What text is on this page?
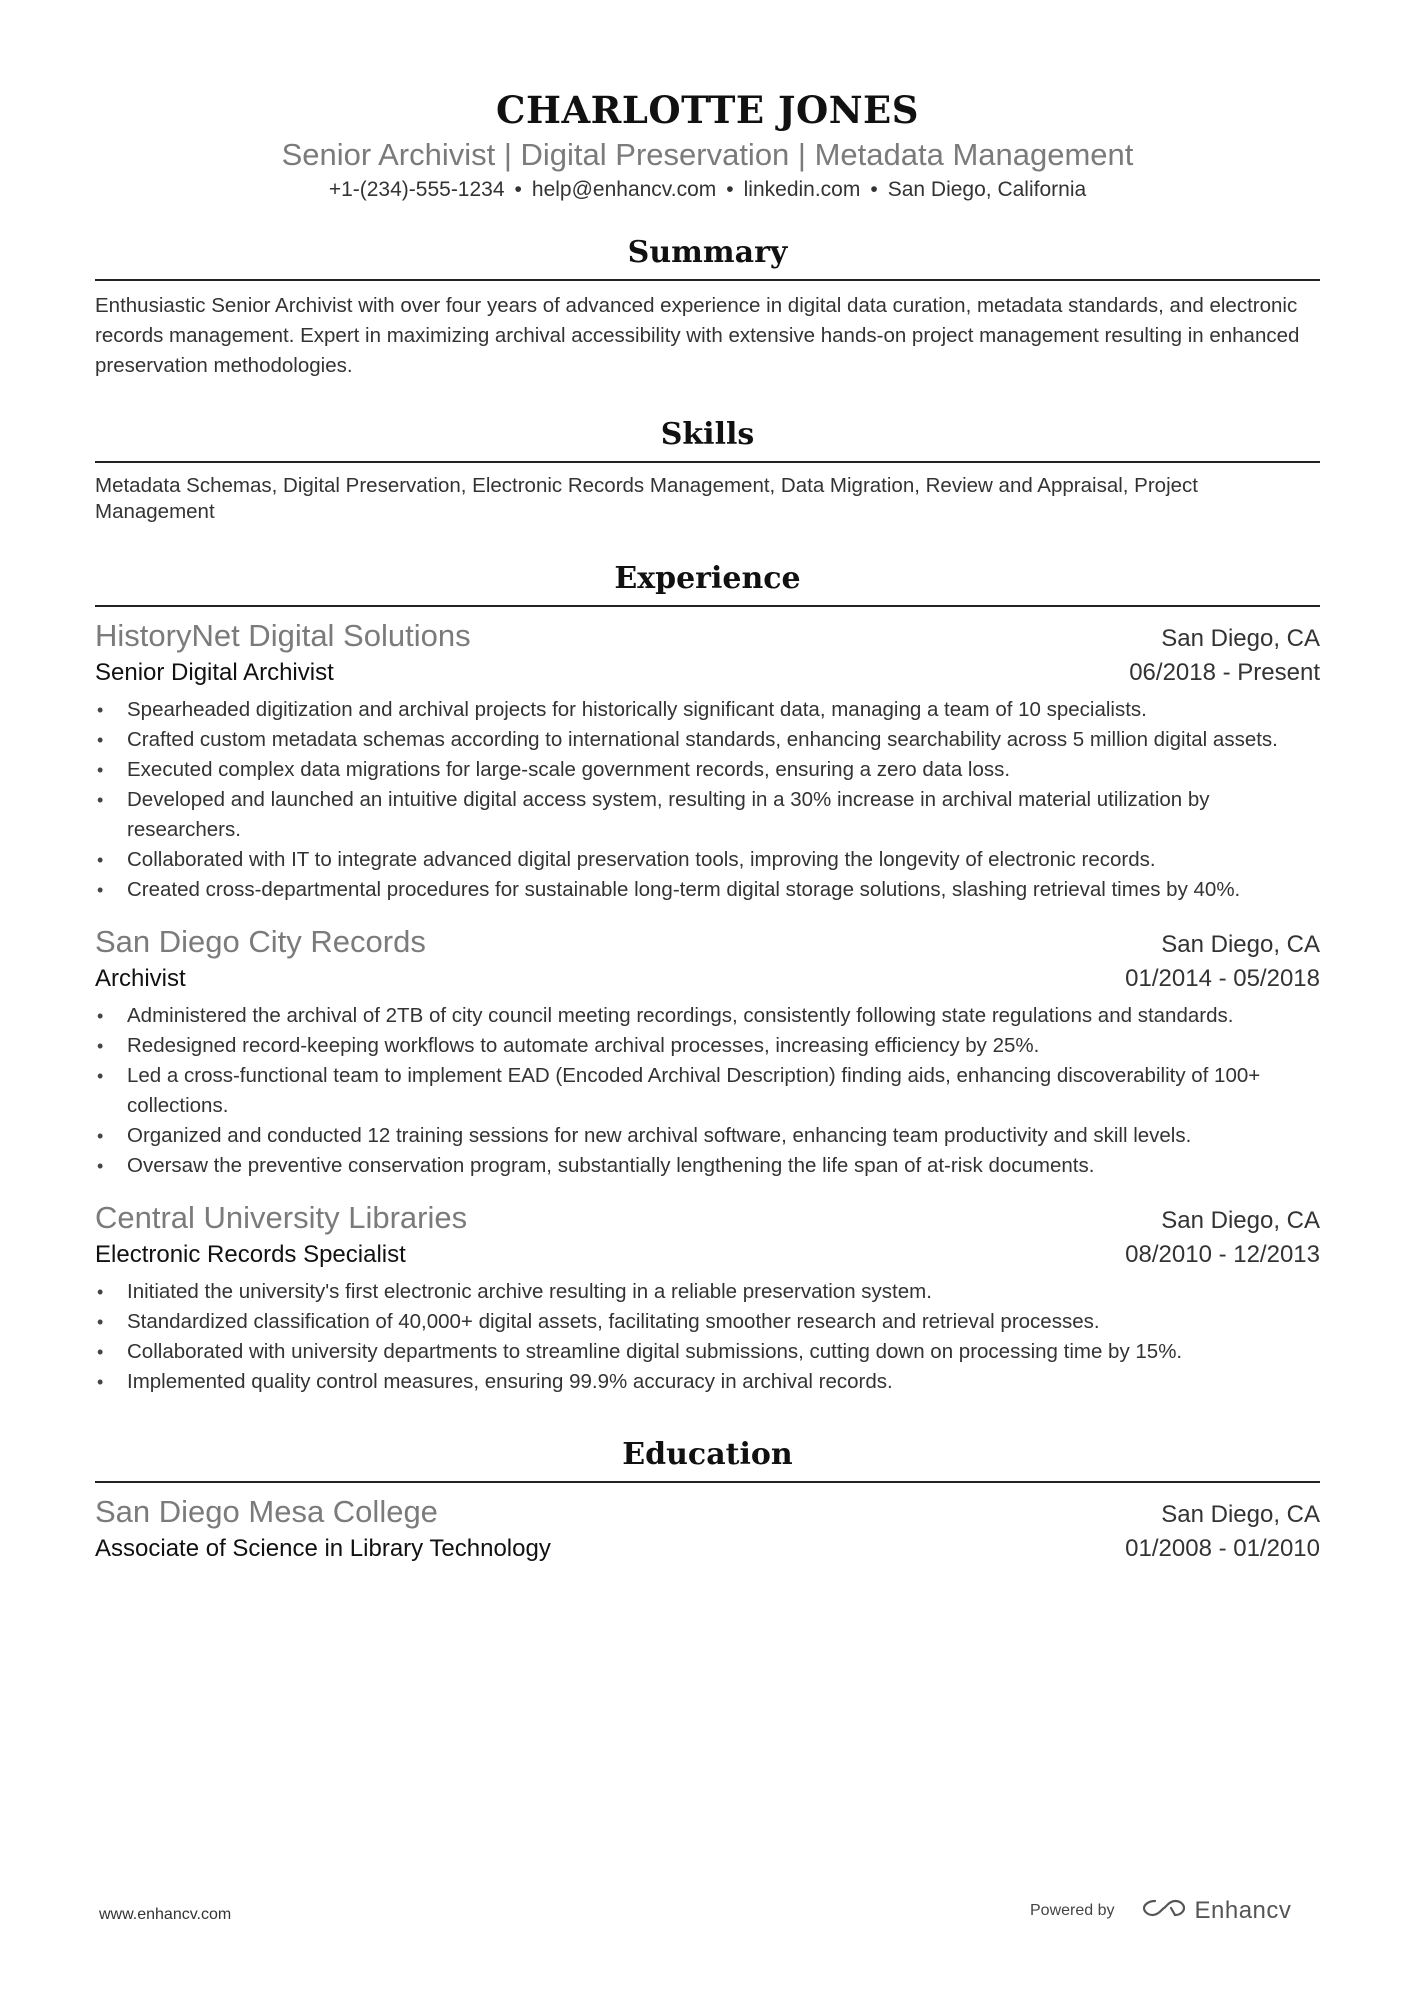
CHARLOTTE JONES
Senior Archivist | Digital Preservation | Metadata Management
+1-(234)-555-1234 • help@enhancv.com • linkedin.com • San Diego, California
Summary
Enthusiastic Senior Archivist with over four years of advanced experience in digital data curation, metadata standards, and electronic records management. Expert in maximizing archival accessibility with extensive hands-on project management resulting in enhanced preservation methodologies.
Skills
Metadata Schemas, Digital Preservation, Electronic Records Management, Data Migration, Review and Appraisal, Project Management
Experience
HistoryNet Digital Solutions	San Diego, CA
Senior Digital Archivist	06/2018 - Present
• Spearheaded digitization and archival projects for historically significant data, managing a team of 10 specialists.
• Crafted custom metadata schemas according to international standards, enhancing searchability across 5 million digital assets.
• Executed complex data migrations for large-scale government records, ensuring a zero data loss.
• Developed and launched an intuitive digital access system, resulting in a 30% increase in archival material utilization by researchers.
• Collaborated with IT to integrate advanced digital preservation tools, improving the longevity of electronic records.
• Created cross-departmental procedures for sustainable long-term digital storage solutions, slashing retrieval times by 40%.
San Diego City Records	San Diego, CA
Archivist	01/2014 - 05/2018
• Administered the archival of 2TB of city council meeting recordings, consistently following state regulations and standards.
• Redesigned record-keeping workflows to automate archival processes, increasing efficiency by 25%.
• Led a cross-functional team to implement EAD (Encoded Archival Description) finding aids, enhancing discoverability of 100+ collections.
• Organized and conducted 12 training sessions for new archival software, enhancing team productivity and skill levels.
• Oversaw the preventive conservation program, substantially lengthening the life span of at-risk documents.
Central University Libraries	San Diego, CA
Electronic Records Specialist	08/2010 - 12/2013
• Initiated the university's first electronic archive resulting in a reliable preservation system.
• Standardized classification of 40,000+ digital assets, facilitating smoother research and retrieval processes.
• Collaborated with university departments to streamline digital submissions, cutting down on processing time by 15%.
• Implemented quality control measures, ensuring 99.9% accuracy in archival records.
Education
San Diego Mesa College	San Diego, CA
Associate of Science in Library Technology	01/2008 - 01/2010
www.enhancv.com	Powered by	Enhancv
